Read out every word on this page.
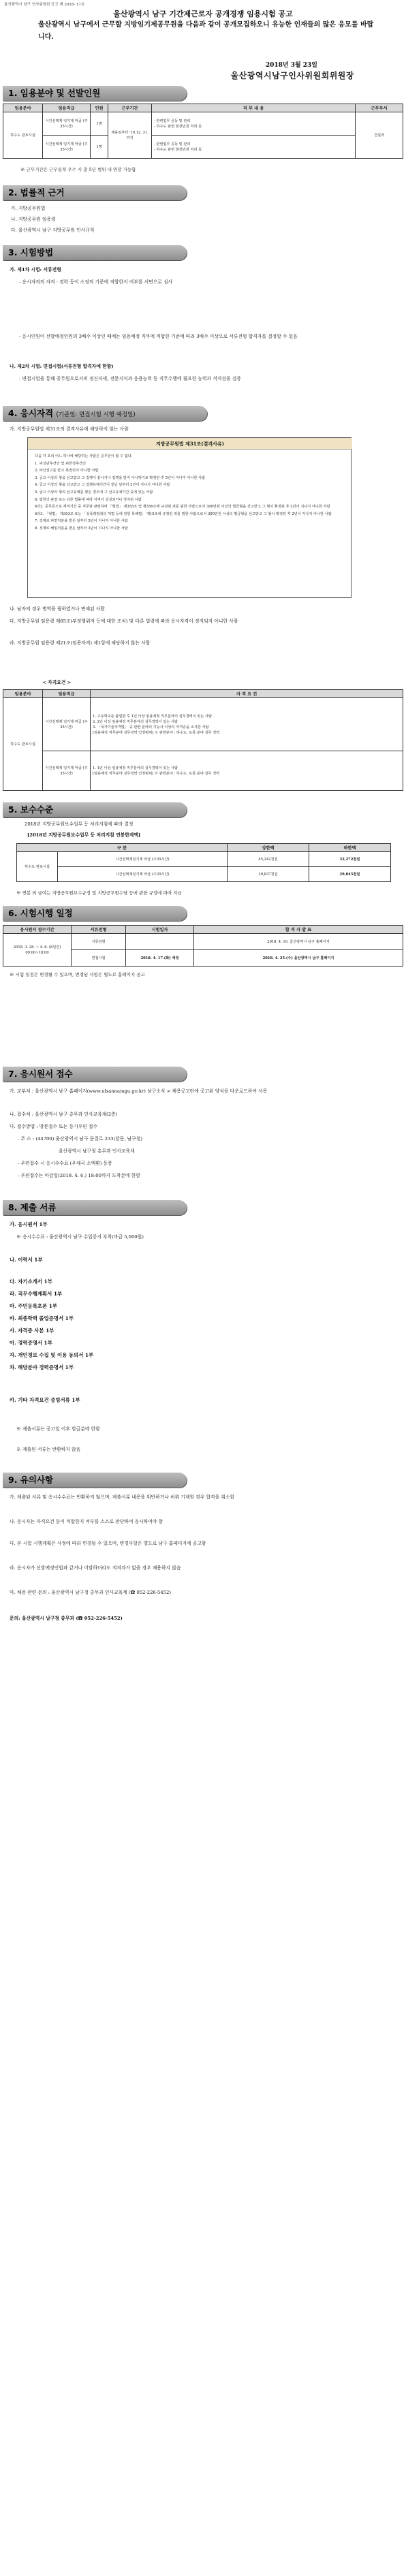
울산광역시 남구 인사위원회 공고 제 2018- 11호
울산광역시 남구 기간제근로자 공개경쟁 임용시험 공고
울산광역시 남구에서 근무할 지방임기제공무원을 다음과 같이 공개모집하오니 유능한 인재들의 많은 응모를 바랍니다.
2018년 3월 23일
울산광역시남구인사위원회위원장
1. 임용분야 및 선발인원
임용분야	임용직급	인원	근무기간	직 무 내 용	근무부서
하수도 관로시설	시간선택제 임기제 마급 (주 35시간)	1명	채용일부터 '19.12. 31.까지	- 관련업무 공동 및 관리
- 하수도 관련 현장민원 처리 등	건설과
	시간선택제 임기제 마급 (주 35시간)	1명		- 관련업무 공동 및 관리
- 하수도 관련 현장민원 처리 등	
※ 근무기간은 근무실적 우수 시 총 5년 범위 내 연장 가능함
2. 법률적 근거
가. 지방공무원법
나. 지방공무원 임용령
다. 울산광역시 남구 지방공무원 인사규칙
3. 시험방법
가. 제1차 시험: 서류전형
- 응시자격의 자격 · 경력 등이 소정의 기준에 적합한지 여부를 서면으로 심사
- 응시인원이 선발예정인원의 3배수 이상인 때에는 임용예정 직무에 적합한 기준에 따라 3배수 이상으로 서류전형 합격자를 결정할 수 있음
나. 제2차 시험: 면접시험(서류전형 합격자에 한함)
- 면접시험을 통해 공무원으로서의 정신자세, 전문지식과 응용능력 등 직무수행에 필요한 능력과 적격성을 검증
4. 응시자격 (기준일: 면접시험 시행 예정일)
가. 지방공무원법 제31조의 결격사유에 해당하지 않는 사람
지방공무원법 제31조(결격사유)
다음 각 호의 어느 하나에 해당하는 사람은 공무원이 될 수 없다.
1. 피성년후견인 및 피한정후견인
2. 파산선고를 받고 복권되지 아니한 사람
3. 금고 이상의 형을 선고받고 그 집행이 끝나거나 집행을 받지 아니하기로 확정된 후 5년이 지나지 아니한 사람
4. 금고 이상의 형을 선고받고 그 집행유예기간이 끝난 날부터 2년이 지나지 아니한 사람
5. 금고 이상의 형의 선고유예를 받은 경우에 그 선고유예기간 중에 있는 사람
6. 법원의 판결 또는 다른 법률에 따라 자격이 상실되거나 정지된 사람
6의2. 공무원으로 재직기간 중 직무와 관련하여 「형법」 제355조 및 제356조에 규정된 죄를 범한 사람으로서 300만원 이상의 벌금형을 선고받고 그 형이 확정된 후 2년이 지나지 아니한 사람
6의3. 「형법」 제303조 또는 「성폭력범죄의 처벌 등에 관한 특례법」 제10조에 규정된 죄를 범한 사람으로서 300만원 이상의 벌금형을 선고받고 그 형이 확정된 후 2년이 지나지 아니한 사람
7. 징계로 파면처분을 받은 날부터 5년이 지나지 아니한 사람
8. 징계로 해임처분을 받은 날부터 3년이 지나지 아니한 사람
나. 남자의 경우 병역을 필하였거나 면제된 사람
다. 지방공무원 임용령 제65조(부정행위자 등에 대한 조치) 및 다른 법령에 따라 응시자격이 정지되지 아니한 사람
라. 지방공무원 임용령 제21조(임용자격) 제1항에 해당하지 않는 사람
< 자격요건 >
임용분야	임용직급	자 격 요 건
하수도 관로시설	시간선택제 임기제 마급 (주 35시간)	1. 고등학교를 졸업한 후 1년 이상 임용예정 직무분야의 실무경력이 있는 사람
2. 2년 이상 임용예정 직무분야의 실무경력이 있는 사람
3. 「국가기술자격법」 중 관련 분야의 기능사 이상의 자격증을 소지한 사람
[임용예정 직무분야 실무경력 인정범위] ※ 관련분야 : 하수도, 토목 분야 실무 경력
	시간선택제 임기제 마급 (주 35시간)	1. 1년 이상 임용예정 직무분야의 실무경력이 있는 사람
[임용예정 직무분야 실무경력 인정범위] ※ 관련분야 : 하수도, 토목 분야 실무 경력
5. 보수수준
2018년 지방공무원보수업무 등 처리지침에 따라 결정
[2018년 지방공무원보수업무 등 처리지침 연봉한계액]
구 분		상한액	하한액
하수도 관로시설	시간선택제임기제 마급 (주35시간)	45,242천원	32,272천원
	시간선택제임기제 마급 (주35시간)	39,837천원	29,045천원
※ 연봉 외 급여는 지방공무원보수규정 및 지방공무원수당 등에 관한 규정에 따라 지급
6. 시험시행 일정
응시원서 접수기간	서류전형	시험일자	합 격 자 발 표
2018. 3. 28. ~ 4. 6. (8일간) 09:00~18:00	서류전형		2018. 4. 10. 울산광역시 남구 홈페이지
	면접시험	2018. 4. 17.(화) 예정	2018. 4. 25.(수) 울산광역시 남구 홈페이지
※ 시험 일정은 변경될 수 있으며, 변경된 사항은 별도로 홈페이지 공고
7. 응시원서 접수
가. 교부처 : 울산광역시 남구 홈페이지(www.ulsannamgu.go.kr) 남구소식 > 채용공고란에 공고된 양식을 다운로드하여 사용
나. 접수처 : 울산광역시 남구 총무과 인사교육계(2층)
다. 접수방법 : 방문접수 또는 등기우편 접수
- 주 소 : (44700) 울산광역시 남구 돋질로 233(달동, 남구청)
울산광역시 남구청 총무과 인사교육계
- 우편접수 시 응시수수료 (우체국 소액환) 동봉
- 우편접수는 마감일(2018. 4. 6.) 18:00까지 도착분에 한함
8. 제출 서류
가. 응시원서 1부
※ 응시수수료 : 울산광역시 남구 수입증지 부착(마급 5,000원)
나. 이력서 1부
다. 자기소개서 1부
라. 직무수행계획서 1부
마. 주민등록초본 1부
바. 최종학력 졸업증명서 1부
사. 자격증 사본 1부
아. 경력증명서 1부
자. 개인정보 수집 및 이용 동의서 1부
차. 해당분야 경력증명서 1부
카. 기타 자격요건 증빙서류 1부
※ 제출서류는 공고일 이후 발급분에 한함
※ 제출된 서류는 반환하지 않음
9. 유의사항
가. 제출된 서류 및 응시수수료는 반환하지 않으며, 제출서류 내용을 위반하거나 허위 기재할 경우 합격을 취소함
나. 응시자는 자격요건 등이 적합한지 여부를 스스로 판단하여 응시하여야 함
다. 본 시험 시행계획은 사정에 따라 변경될 수 있으며, 변경사항은 별도로 남구 홈페이지에 공고함
라. 응시자가 선발예정인원과 같거나 미달하더라도 적격자가 없을 경우 채용하지 않음
마. 채용 관련 문의 : 울산광역시 남구청 총무과 인사교육계 (☎ 052-226-5452)
문의: 울산광역시 남구청 총무과 (☎ 052-226-5452)
